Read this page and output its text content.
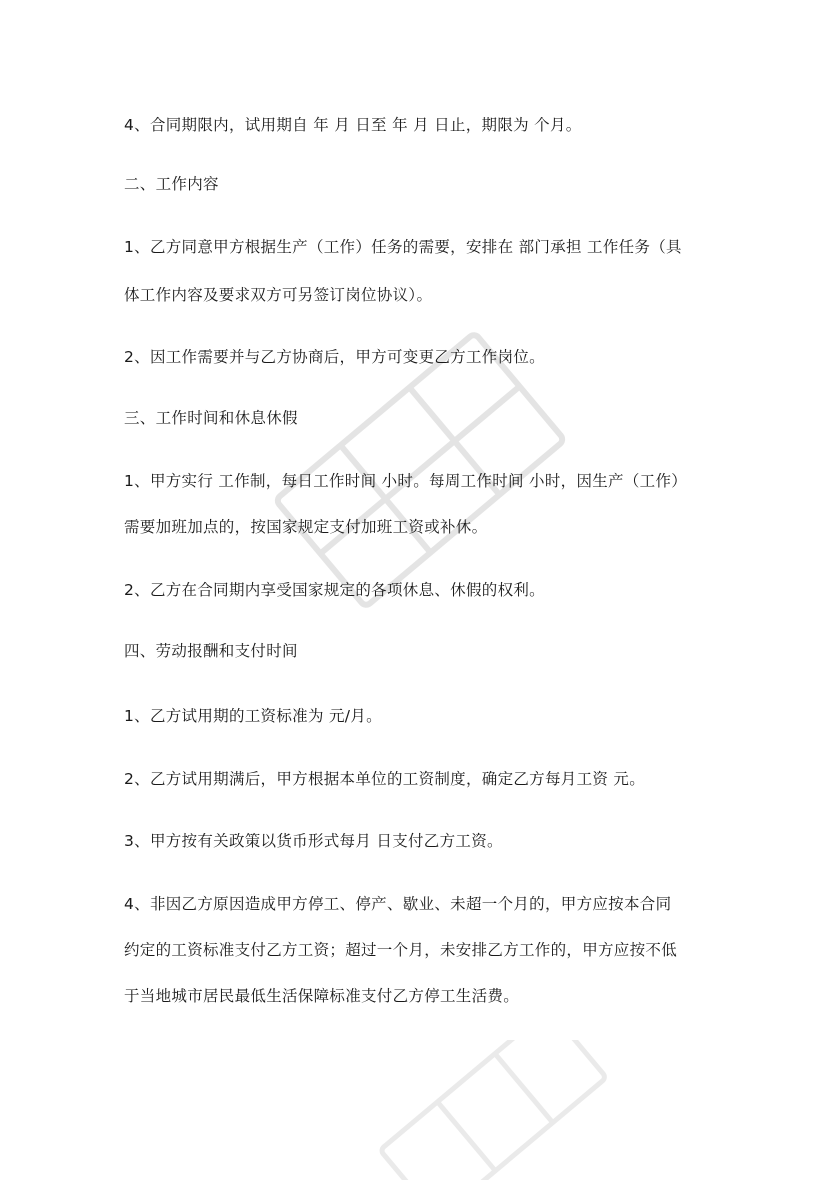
4、合同期限内，试用期自 年 月 日至 年 月 日止，期限为 个月。
二、工作内容
1、乙方同意甲方根据生产（工作）任务的需要，安排在 部门承担 工作任务（具
体工作内容及要求双方可另签订岗位协议）。
2、因工作需要并与乙方协商后，甲方可变更乙方工作岗位。
三、工作时间和休息休假
1、甲方实行 工作制，每日工作时间 小时。每周工作时间 小时，因生产（工作）
需要加班加点的，按国家规定支付加班工资或补休。
2、乙方在合同期内享受国家规定的各项休息、休假的权利。
四、劳动报酬和支付时间
1、乙方试用期的工资标准为 元/月。
2、乙方试用期满后，甲方根据本单位的工资制度，确定乙方每月工资 元。
3、甲方按有关政策以货币形式每月 日支付乙方工资。
4、非因乙方原因造成甲方停工、停产、歇业、未超一个月的，甲方应按本合同
约定的工资标准支付乙方工资；超过一个月，未安排乙方工作的，甲方应按不低
于当地城市居民最低生活保障标准支付乙方停工生活费。
